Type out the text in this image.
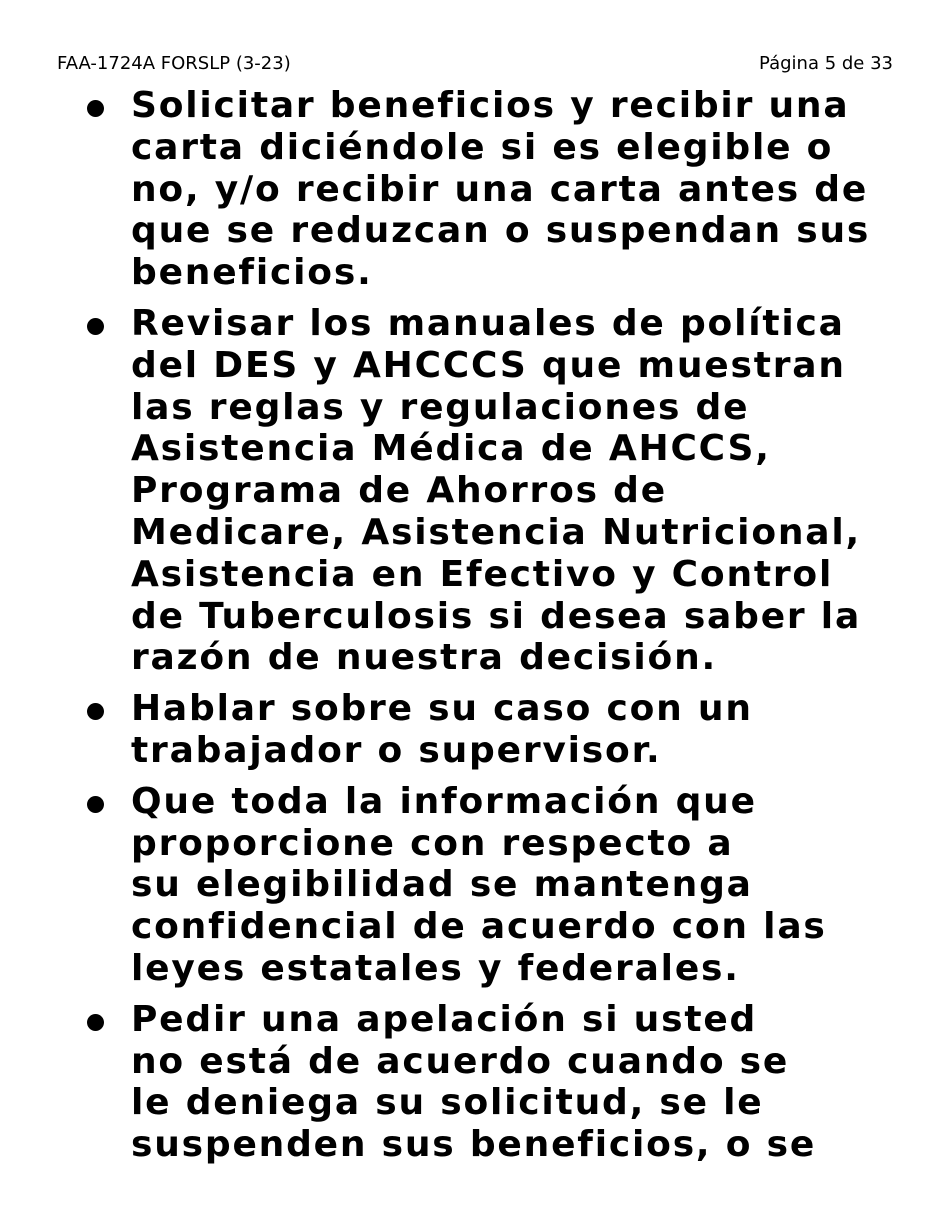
FAA-1724A FORSLP (3-23)	Página 5 de 33
Solicitar beneficios y recibir una
carta diciéndole si es elegible o
no, y/o recibir una carta antes de
que se reduzcan o suspendan sus
beneficios.
Revisar los manuales de política
del DES y AHCCCS que muestran
las reglas y regulaciones de
Asistencia Médica de AHCCS,
Programa de Ahorros de
Medicare, Asistencia Nutricional,
Asistencia en Efectivo y Control
de Tuberculosis si desea saber la
razón de nuestra decisión.
Hablar sobre su caso con un
trabajador o supervisor.
Que toda la información que
proporcione con respecto a
su elegibilidad se mantenga
confidencial de acuerdo con las
leyes estatales y federales.
Pedir una apelación si usted
no está de acuerdo cuando se
le deniega su solicitud, se le
suspenden sus beneficios, o se
